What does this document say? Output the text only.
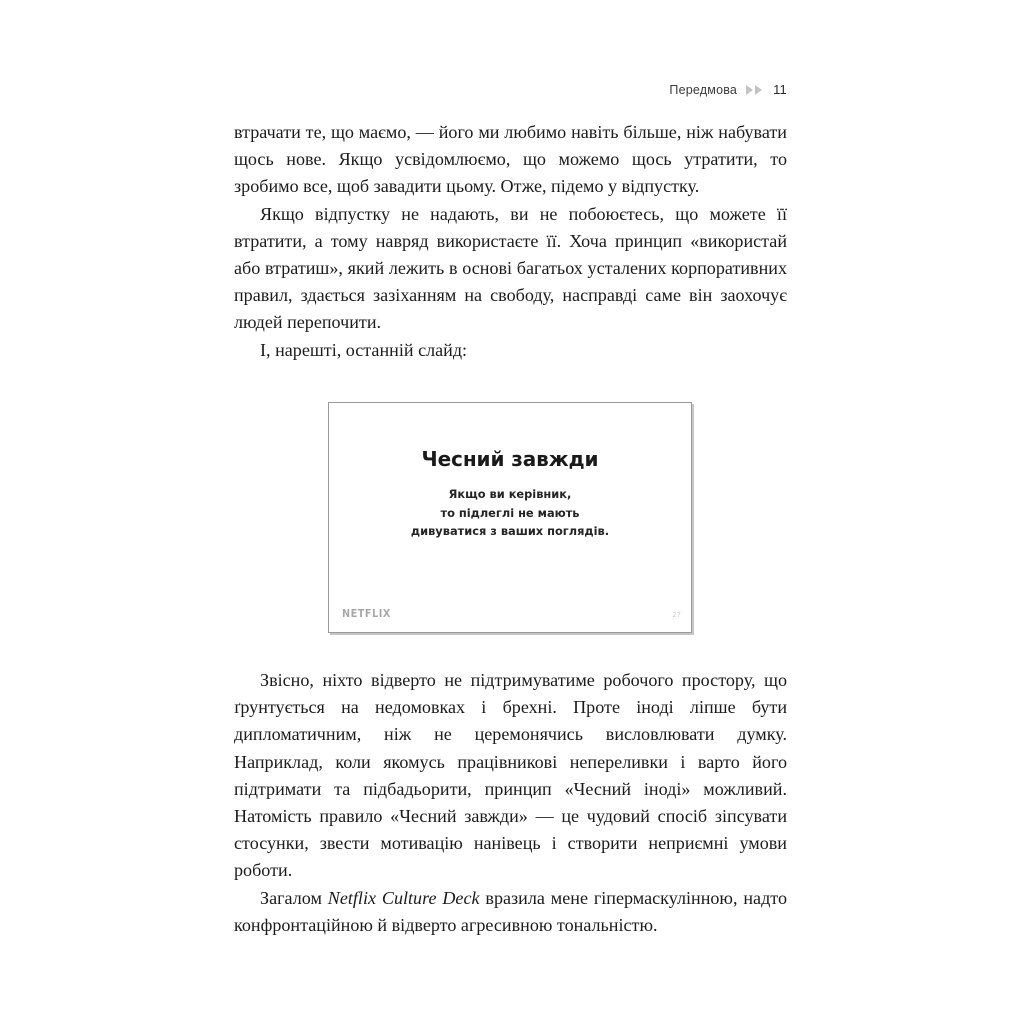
Передмова	11

втрачати те, що маємо, — його ми любимо навіть більше, ніж набувати щось нове. Якщо усвідомлюємо, що можемо щось утратити, то зробимо все, щоб завадити цьому. Отже, підемо у відпустку.

Якщо відпустку не надають, ви не побоюєтесь, що можете її втратити, а тому навряд використаєте її. Хоча принцип «використай або втратиш», який лежить в основі багатьох усталених корпоративних правил, здається зазіханням на свободу, насправді саме він заохочує людей перепочити.

І, нарешті, останній слайд:

Чесний завжди

Якщо ви керівник,
то підлеглі не мають
дивуватися з ваших поглядів.

NETFLIX	27

Звісно, ніхто відверто не підтримуватиме робочого простору, що ґрунтується на недомовках і брехні. Проте іноді ліпше бути дипломатичним, ніж не церемонячись висловлювати думку. Наприклад, коли якомусь працівникові неперeливки і варто його підтримати та підбадьорити, принцип «Чесний іноді» можливий. Натомість правило «Чесний завжди» — це чудовий спосіб зіпсувати стосунки, звести мотивацію нанівець і створити неприємні умови роботи.

Загалом Netflix Culture Deck вразила мене гіпермаскулінною, надто конфронтаційною й відверто агресивною тональністю.
